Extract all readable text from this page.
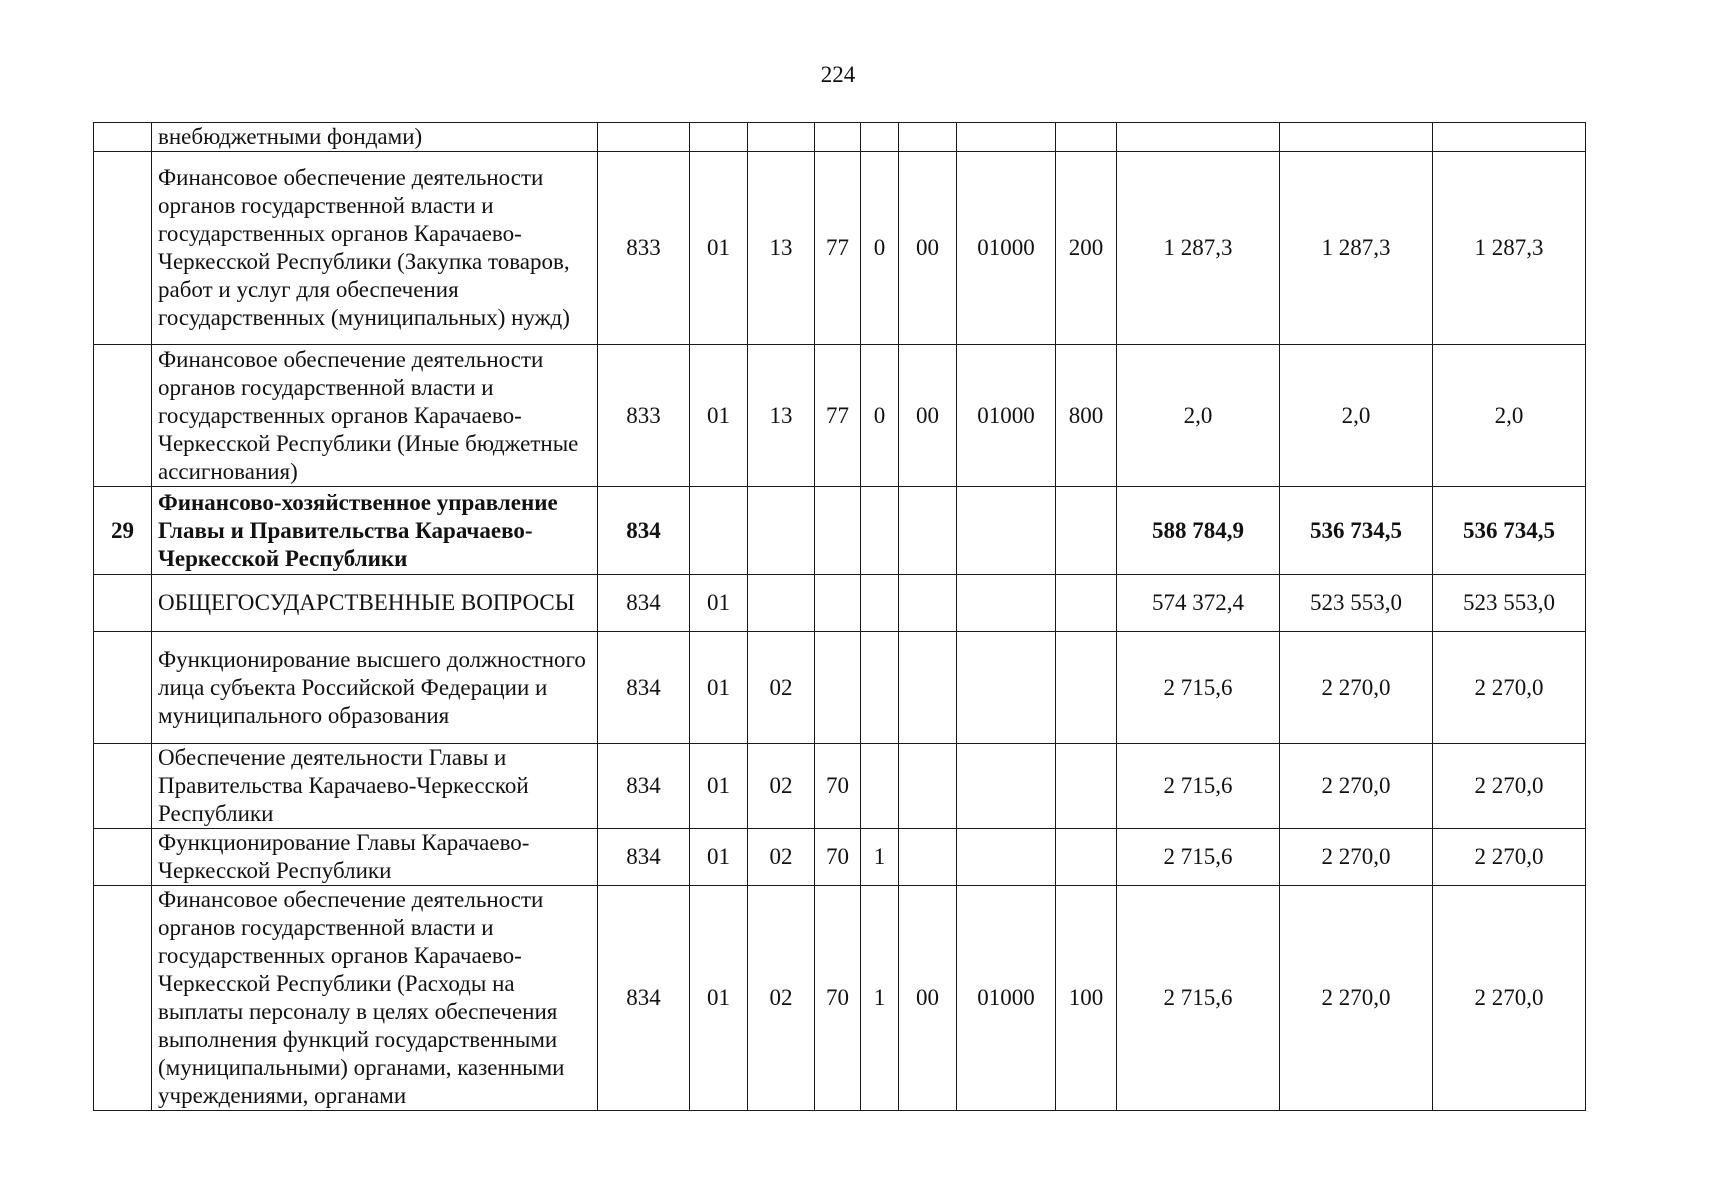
224
	внебюджетными фондами)											
	Финансовое обеспечение деятельности органов государственной власти и государственных органов Карачаево-Черкесской Республики (Закупка товаров, работ и услуг для обеспечения государственных (муниципальных) нужд)	833	01	13	77	0	00	01000	200	1 287,3	1 287,3	1 287,3
	Финансовое обеспечение деятельности органов государственной власти и государственных органов Карачаево-Черкесской Республики (Иные бюджетные ассигнования)	833	01	13	77	0	00	01000	800	2,0	2,0	2,0
29	Финансово-хозяйственное управление Главы и Правительства Карачаево-Черкесской Республики	834								588 784,9	536 734,5	536 734,5
	ОБЩЕГОСУДАРСТВЕННЫЕ ВОПРОСЫ	834	01							574 372,4	523 553,0	523 553,0
	Функционирование высшего должностного лица субъекта Российской Федерации и муниципального образования	834	01	02						2 715,6	2 270,0	2 270,0
	Обеспечение деятельности Главы и Правительства Карачаево-Черкесской Республики	834	01	02	70					2 715,6	2 270,0	2 270,0
	Функционирование Главы Карачаево-Черкесской Республики	834	01	02	70	1				2 715,6	2 270,0	2 270,0
	Финансовое обеспечение деятельности органов государственной власти и государственных органов Карачаево-Черкесской Республики (Расходы на выплаты персоналу в целях обеспечения выполнения функций государственными (муниципальными) органами, казенными учреждениями, органами	834	01	02	70	1	00	01000	100	2 715,6	2 270,0	2 270,0
